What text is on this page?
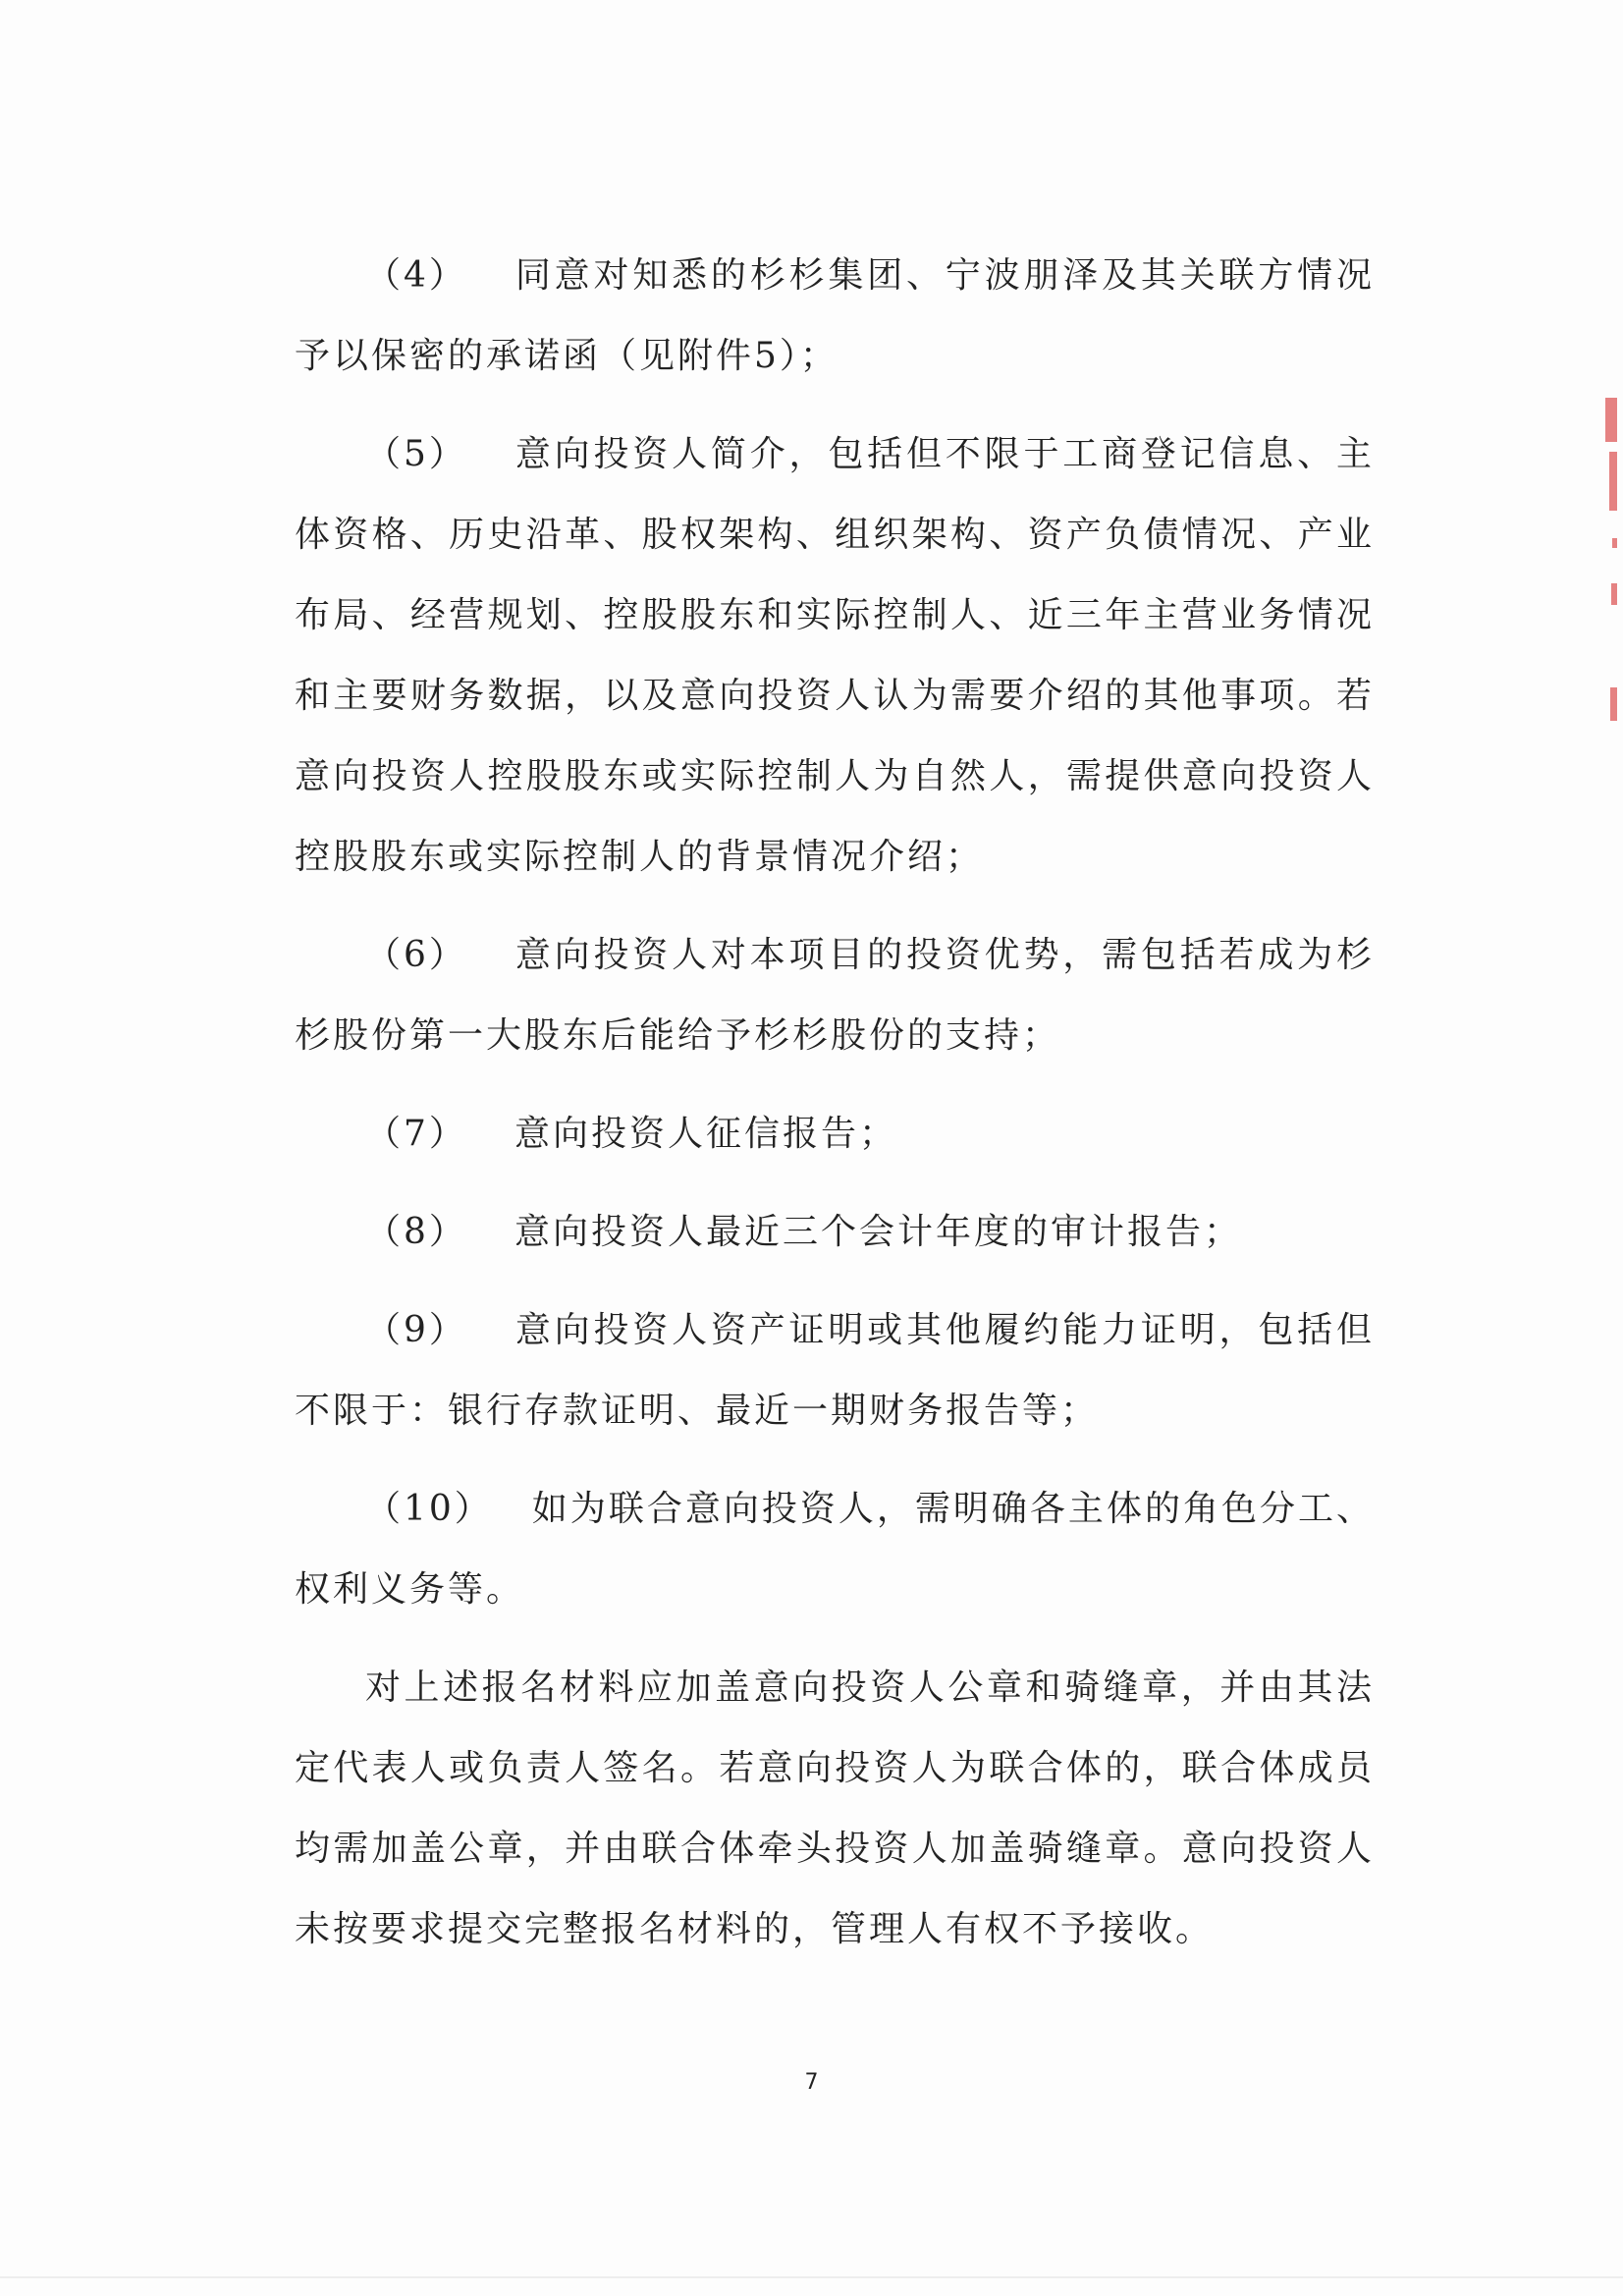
（4） 同意对知悉的杉杉集团、宁波朋泽及其关联方情况予以保密的承诺函（见附件5）；

（5） 意向投资人简介，包括但不限于工商登记信息、主体资格、历史沿革、股权架构、组织架构、资产负债情况、产业布局、经营规划、控股股东和实际控制人、近三年主营业务情况和主要财务数据，以及意向投资人认为需要介绍的其他事项。若意向投资人控股股东或实际控制人为自然人，需提供意向投资人控股股东或实际控制人的背景情况介绍；

（6） 意向投资人对本项目的投资优势，需包括若成为杉杉股份第一大股东后能给予杉杉股份的支持；

（7） 意向投资人征信报告；

（8） 意向投资人最近三个会计年度的审计报告；

（9） 意向投资人资产证明或其他履约能力证明，包括但不限于：银行存款证明、最近一期财务报告等；

（10） 如为联合意向投资人，需明确各主体的角色分工、权利义务等。

对上述报名材料应加盖意向投资人公章和骑缝章，并由其法定代表人或负责人签名。若意向投资人为联合体的，联合体成员均需加盖公章，并由联合体牵头投资人加盖骑缝章。意向投资人未按要求提交完整报名材料的，管理人有权不予接收。

7
